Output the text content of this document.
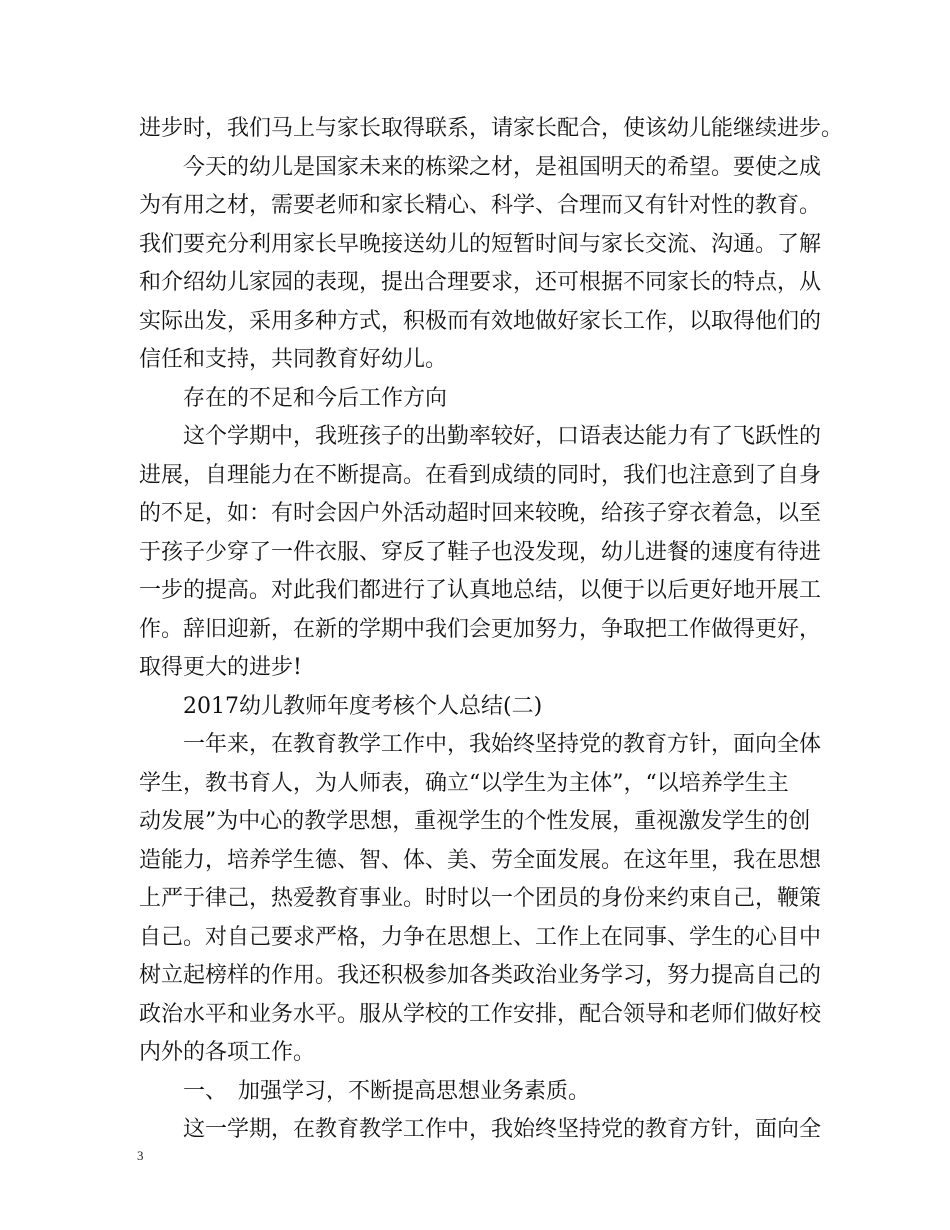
进步时，我们马上与家长取得联系，请家长配合，使该幼儿能继续进步。
今天的幼儿是国家未来的栋梁之材，是祖国明天的希望。要使之成
为有用之材，需要老师和家长精心、科学、合理而又有针对性的教育。
我们要充分利用家长早晚接送幼儿的短暂时间与家长交流、沟通。了解
和介绍幼儿家园的表现，提出合理要求，还可根据不同家长的特点，从
实际出发，采用多种方式，积极而有效地做好家长工作，以取得他们的
信任和支持，共同教育好幼儿。
存在的不足和今后工作方向
这个学期中，我班孩子的出勤率较好，口语表达能力有了飞跃性的
进展，自理能力在不断提高。在看到成绩的同时，我们也注意到了自身
的不足，如：有时会因户外活动超时回来较晚，给孩子穿衣着急，以至
于孩子少穿了一件衣服、穿反了鞋子也没发现，幼儿进餐的速度有待进
一步的提高。对此我们都进行了认真地总结，以便于以后更好地开展工
作。辞旧迎新，在新的学期中我们会更加努力，争取把工作做得更好，
取得更大的进步!
2017幼儿教师年度考核个人总结(二)
一年来，在教育教学工作中，我始终坚持党的教育方针，面向全体
学生，教书育人，为人师表，确立“以学生为主体”，“以培养学生主
动发展”为中心的教学思想，重视学生的个性发展，重视激发学生的创
造能力，培养学生德、智、体、美、劳全面发展。在这年里，我在思想
上严于律己，热爱教育事业。时时以一个团员的身份来约束自己，鞭策
自己。对自己要求严格，力争在思想上、工作上在同事、学生的心目中
树立起榜样的作用。我还积极参加各类政治业务学习，努力提高自己的
政治水平和业务水平。服从学校的工作安排，配合领导和老师们做好校
内外的各项工作。
一、　加强学习，不断提高思想业务素质。
这一学期，在教育教学工作中，我始终坚持党的教育方针，面向全
3
